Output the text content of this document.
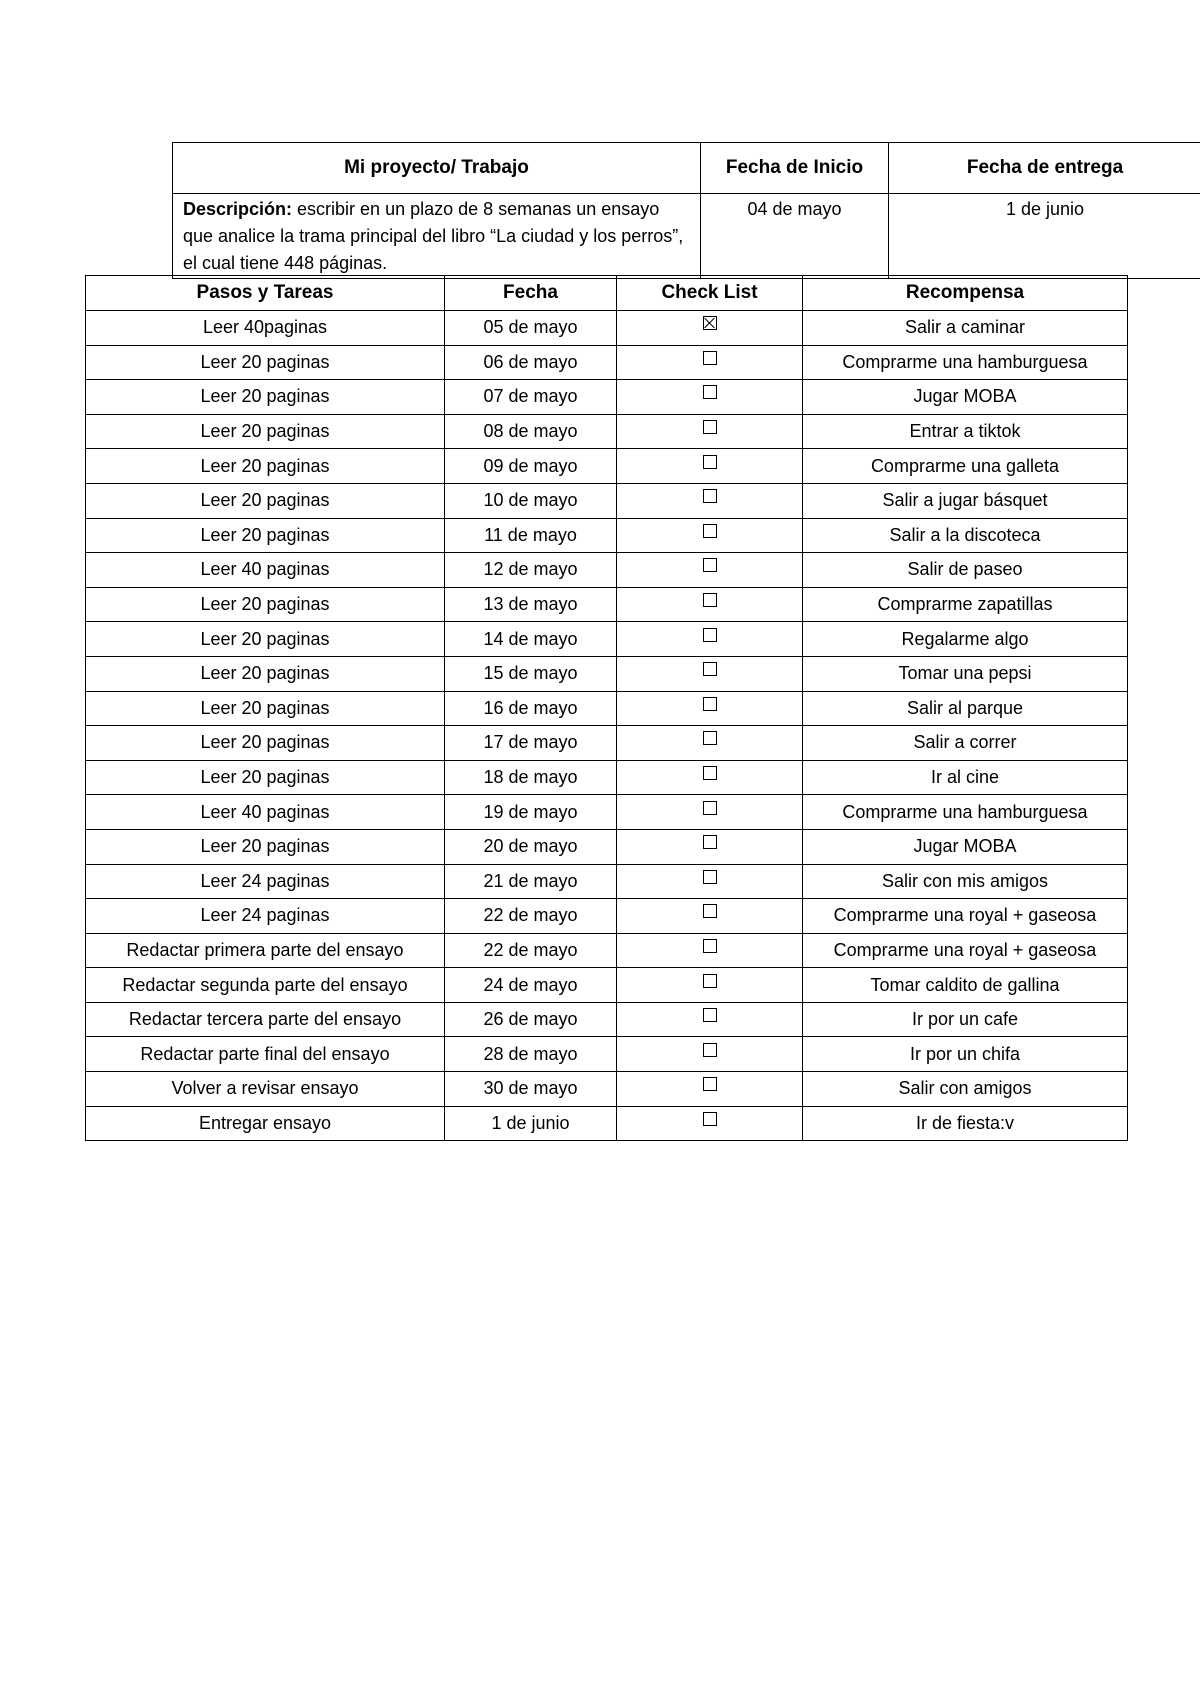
Mi proyecto/ Trabajo	Fecha de Inicio	Fecha de entrega
Descripción: escribir en un plazo de 8 semanas un ensayo que analice la trama principal del libro “La ciudad y los perros”, el cual tiene 448 páginas.	04 de mayo	1 de junio
Pasos y Tareas	Fecha	Check List	Recompensa
Leer 40paginas	05 de mayo		Salir a caminar
Leer 20 paginas	06 de mayo		Comprarme una hamburguesa
Leer 20 paginas	07 de mayo		Jugar MOBA
Leer 20 paginas	08 de mayo		Entrar a tiktok
Leer 20 paginas	09 de mayo		Comprarme una galleta
Leer 20 paginas	10 de mayo		Salir a jugar básquet
Leer 20 paginas	11 de mayo		Salir a la discoteca
Leer 40 paginas	12 de mayo		Salir de paseo
Leer 20 paginas	13 de mayo		Comprarme zapatillas
Leer 20 paginas	14 de mayo		Regalarme algo
Leer 20 paginas	15 de mayo		Tomar una pepsi
Leer 20 paginas	16 de mayo		Salir al parque
Leer 20 paginas	17 de mayo		Salir a correr
Leer 20 paginas	18 de mayo		Ir al cine
Leer 40 paginas	19 de mayo		Comprarme una hamburguesa
Leer 20 paginas	20 de mayo		Jugar MOBA
Leer 24 paginas	21 de mayo		Salir con mis amigos
Leer 24 paginas	22 de mayo		Comprarme una royal + gaseosa
Redactar primera parte del ensayo	22 de mayo		Comprarme una royal + gaseosa
Redactar segunda parte del ensayo	24 de mayo		Tomar caldito de gallina
Redactar tercera parte del ensayo	26 de mayo		Ir por un cafe
Redactar parte final del ensayo	28 de mayo		Ir por un chifa
Volver a revisar ensayo	30 de mayo		Salir con amigos
Entregar ensayo	1 de junio		Ir de fiesta:v
